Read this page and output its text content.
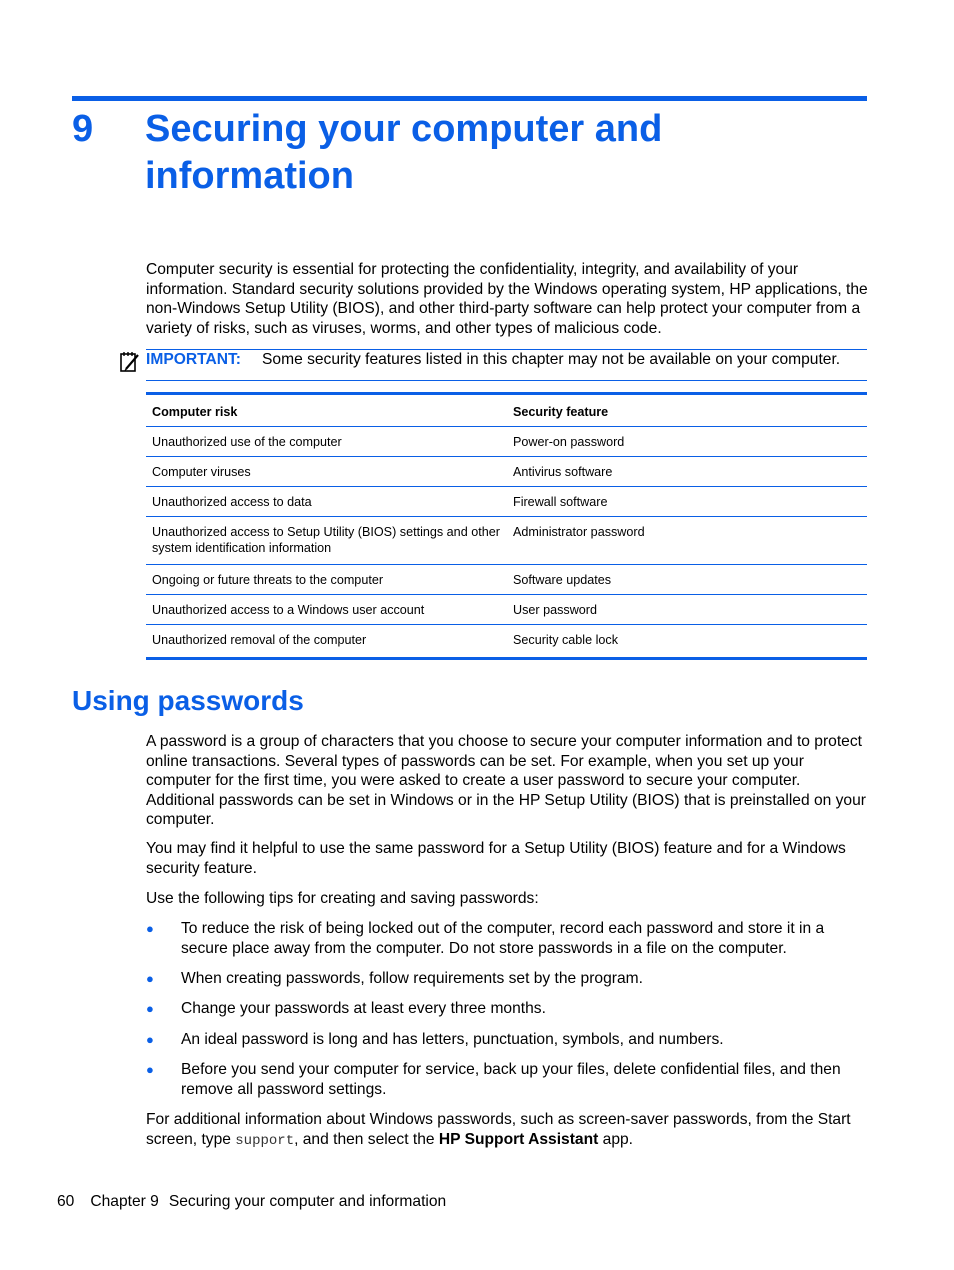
9 Securing your computer and information
Computer security is essential for protecting the confidentiality, integrity, and availability of your information. Standard security solutions provided by the Windows operating system, HP applications, the non-Windows Setup Utility (BIOS), and other third-party software can help protect your computer from a variety of risks, such as viruses, worms, and other types of malicious code.
IMPORTANT: Some security features listed in this chapter may not be available on your computer.
Computer risk	Security feature
Unauthorized use of the computer	Power-on password
Computer viruses	Antivirus software
Unauthorized access to data	Firewall software
Unauthorized access to Setup Utility (BIOS) settings and other system identification information	Administrator password
Ongoing or future threats to the computer	Software updates
Unauthorized access to a Windows user account	User password
Unauthorized removal of the computer	Security cable lock
Using passwords
A password is a group of characters that you choose to secure your computer information and to protect online transactions. Several types of passwords can be set. For example, when you set up your computer for the first time, you were asked to create a user password to secure your computer. Additional passwords can be set in Windows or in the HP Setup Utility (BIOS) that is preinstalled on your computer.
You may find it helpful to use the same password for a Setup Utility (BIOS) feature and for a Windows security feature.
Use the following tips for creating and saving passwords:
● To reduce the risk of being locked out of the computer, record each password and store it in a secure place away from the computer. Do not store passwords in a file on the computer.
● When creating passwords, follow requirements set by the program.
● Change your passwords at least every three months.
● An ideal password is long and has letters, punctuation, symbols, and numbers.
● Before you send your computer for service, back up your files, delete confidential files, and then remove all password settings.
For additional information about Windows passwords, such as screen-saver passwords, from the Start screen, type support, and then select the HP Support Assistant app.
60 Chapter 9 Securing your computer and information
